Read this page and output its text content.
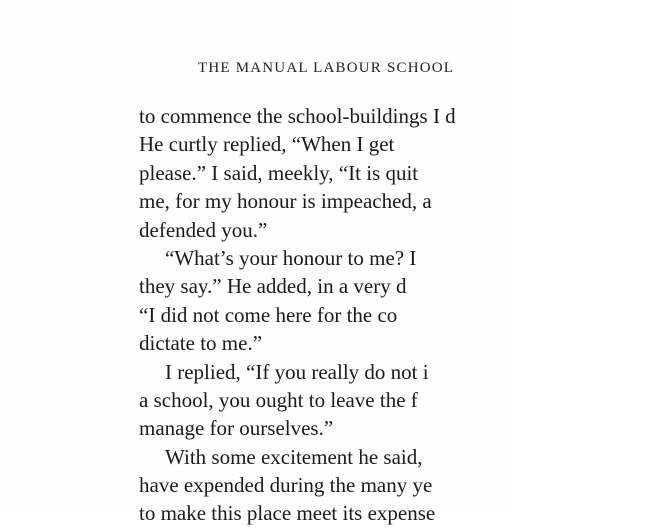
THE MANUAL LABOUR SCHOOL
to commence the school-buildings I d
He curtly replied, “When I get
please.” I said, meekly, “It is quit
me, for my honour is impeached, a
defended you.”
“What’s your honour to me? I
they say.” He added, in a very d
“I did not come here for the co
dictate to me.”
I replied, “If you really do not i
a school, you ought to leave the f
manage for ourselves.”
With some excitement he said,
have expended during the many ye
to make this place meet its expense
